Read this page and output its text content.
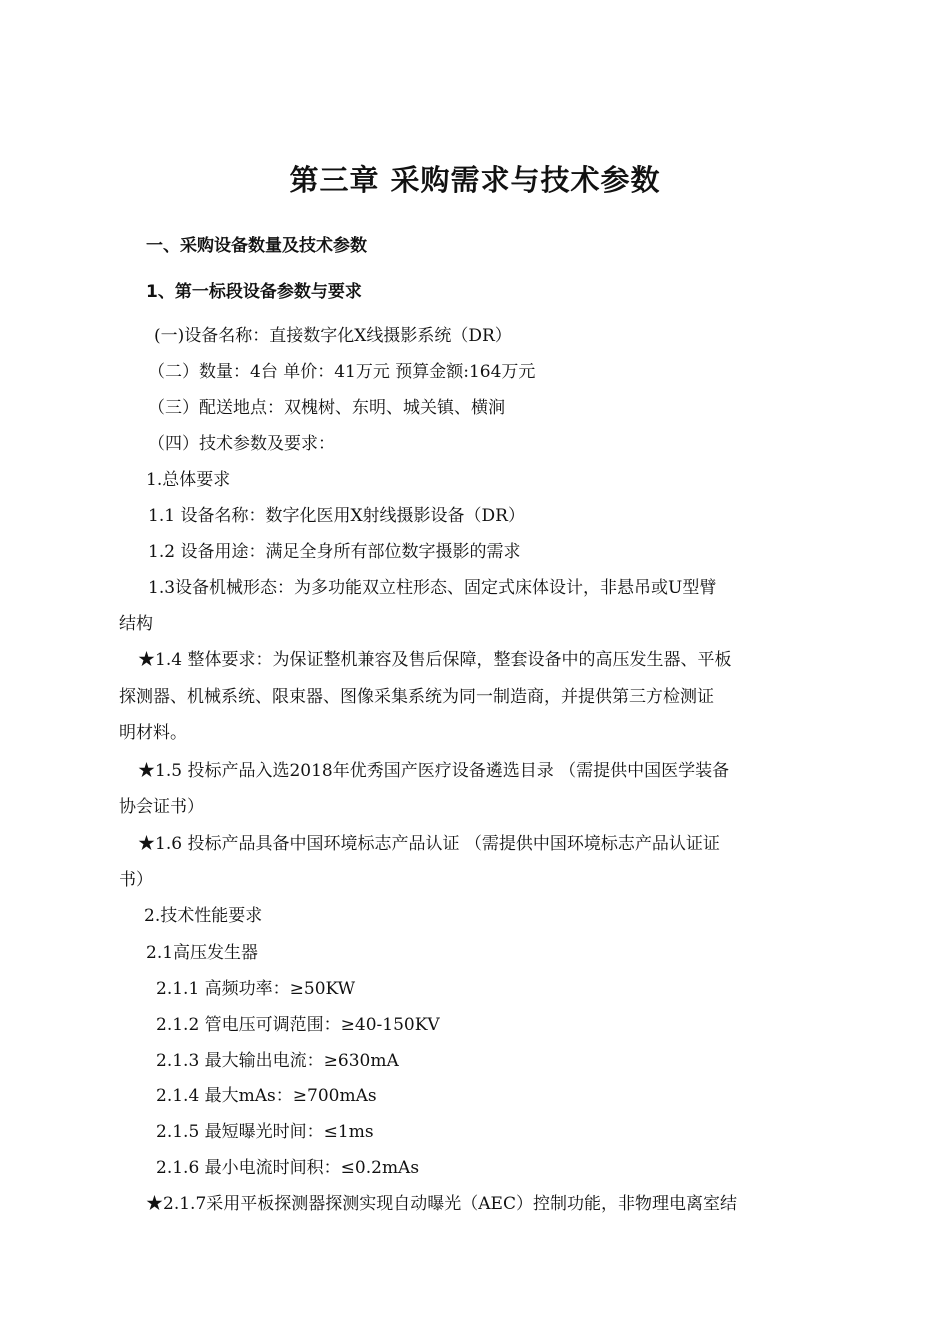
第三章 采购需求与技术参数
一、采购设备数量及技术参数
1、第一标段设备参数与要求
(一)设备名称：直接数字化X线摄影系统（DR）
（二）数量：4台 单价：41万元 预算金额:164万元
（三）配送地点：双槐树、东明、城关镇、横涧
（四）技术参数及要求：
1.总体要求
1.1 设备名称：数字化医用X射线摄影设备（DR）
1.2 设备用途：满足全身所有部位数字摄影的需求
1.3设备机械形态：为多功能双立柱形态、固定式床体设计，非悬吊或U型臂
结构
★1.4 整体要求：为保证整机兼容及售后保障，整套设备中的高压发生器、平板
探测器、机械系统、限束器、图像采集系统为同一制造商，并提供第三方检测证
明材料。
★1.5 投标产品入选2018年优秀国产医疗设备遴选目录 （需提供中国医学装备
协会证书）
★1.6 投标产品具备中国环境标志产品认证 （需提供中国环境标志产品认证证
书）
2.技术性能要求
2.1高压发生器
2.1.1 高频功率：≥50KW
2.1.2 管电压可调范围：≥40-150KV
2.1.3 最大输出电流：≥630mA
2.1.4 最大mAs：≥700mAs
2.1.5 最短曝光时间：≤1ms
2.1.6 最小电流时间积：≤0.2mAs
★2.1.7采用平板探测器探测实现自动曝光（AEC）控制功能，非物理电离室结
